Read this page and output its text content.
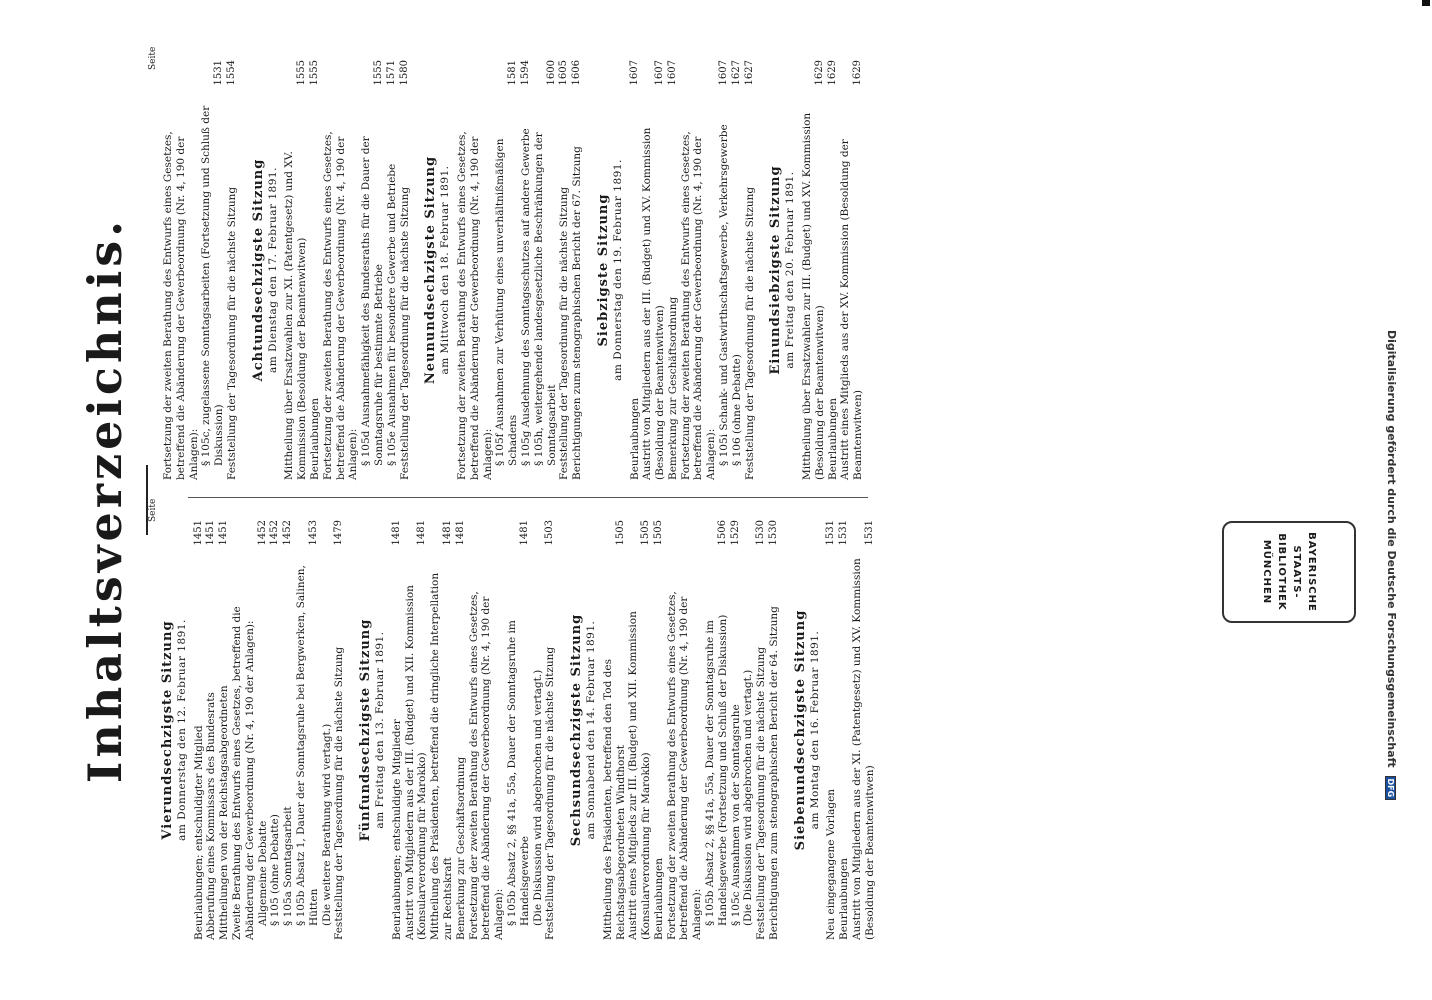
Inhaltsverzeichnis. Seite
Seite
Vierundsechzigste Sitzung am Donnerstag den 12. Februar 1891. Beurlaubungen; entschuldigter Mitglied
1451
Abberufung eines Kommissars des Bundesrats
1451
Mittheilungen von der Reichstagsabgeordneten
1451
Zweite Berathung des Entwurfs eines Gesetzes, betreffend die Abänderung der Gewerbeordnung (Nr. 4, 190 der Anlagen): Allgemeine Debatte
1452
§ 105 (ohne Debatte)
1452
§ 105a Sonntagsarbeit
1452
§ 105b Absatz 1, Dauer der Sonntagsruhe bei Bergwerken, Salinen, Hütten
1453
(Die weitere Berathung wird vertagt.) Feststellung der Tagesordnung für die nächste Sitzung
1479
Fünfundsechzigste Sitzung am Freitag den 13. Februar 1891. Beurlaubungen; entschuldigte Mitglieder
1481
Austritt von Mitgliedern aus der III. (Budget) und XII. Kommission (Konsularverordnung für Marokko)
1481
Mittheilung des Präsidenten, betreffend die dringliche Interpellation zur Rechtskraft
1481
Bemerkung zur Geschäftsordnung
1481
Fortsetzung der zweiten Berathung des Entwurfs eines Gesetzes, betreffend die Abänderung der Gewerbeordnung (Nr. 4, 190 der Anlagen): § 105b Absatz 2, §§ 41a, 55a, Dauer der Sonntagsruhe im Handelsgewerbe
1481
(Die Diskussion wird abgebrochen und vertagt.) Feststellung der Tagesordnung für die nächste Sitzung
1503
Sechsundsechzigste Sitzung am Sonnabend den 14. Februar 1891. Mittheilung des Präsidenten, betreffend den Tod des Reichstagsabgeordneten Windthorst
1505
Austritt eines Mitglieds zur III. (Budget) und XII. Kommission (Konsularverordnung für Marokko)
1505
Beurlaubungen
1505
Fortsetzung der zweiten Berathung des Entwurfs eines Gesetzes, betreffend die Abänderung der Gewerbeordnung (Nr. 4, 190 der Anlagen): § 105b Absatz 2, §§ 41a, 55a, Dauer der Sonntagsruhe im Handelsgewerbe (Fortsetzung und Schluß der Diskussion)
1506
§ 105c Ausnahmen von der Sonntagsruhe
1529
(Die Diskussion wird abgebrochen und vertagt.) Feststellung der Tagesordnung für die nächste Sitzung
1530
Berichtigungen zum stenographischen Bericht der 64. Sitzung
1530
Siebenundsechzigste Sitzung am Montag den 16. Februar 1891.
Neu eingegangene Vorlagen
1531
Beurlaubungen
1531
Austritt von Mitgliedern aus der XI. (Patentgesetz) und XV. Kommission (Besoldung der Beamtenwitwen)
1531
Fortsetzung der zweiten Berathung des Entwurfs eines Gesetzes, betreffend die Abänderung der Gewerbeordnung (Nr. 4, 190 der Anlagen): § 105c, zugelassene Sonntagsarbeiten (Fortsetzung und Schluß der Diskussion)
1531
Feststellung der Tagesordnung für die nächste Sitzung
1554
Achtundsechzigste Sitzung am Dienstag den 17. Februar 1891. Mittheilung über Ersatzwahlen zur XI. (Patentgesetz) und XV. Kommission (Besoldung der Beamtenwitwen)
1555
Beurlaubungen
1555
Fortsetzung der zweiten Berathung des Entwurfs eines Gesetzes, betreffend die Abänderung der Gewerbeordnung (Nr. 4, 190 der Anlagen): § 105d Ausnahmefähigkeit des Bundesraths für die Dauer der Sonntagsruhe für bestimmte Betriebe
1555
§ 105e Ausnahmen für besondere Gewerbe und Betriebe
1571
Feststellung der Tagesordnung für die nächste Sitzung
1580
Neunundsechzigste Sitzung am Mittwoch den 18. Februar 1891. Fortsetzung der zweiten Berathung des Entwurfs eines Gesetzes, betreffend die Abänderung der Gewerbeordnung (Nr. 4, 190 der Anlagen): § 105f Ausnahmen zur Verhütung eines unverhältnißmäßigen Schadens
1581
§ 105g Ausdehnung des Sonntagsschutzes auf andere Gewerbe
1594
§ 105h, weitergehende landesgesetzliche Beschränkungen der Sonntagsarbeit
1600
Feststellung der Tagesordnung für die nächste Sitzung
1605
Berichtigungen zum stenographischen Bericht der 67. Sitzung
1606
Siebzigste Sitzung am Donnerstag den 19. Februar 1891.
Beurlaubungen
1607
Austritt von Mitgliedern aus der III. (Budget) und XV. Kommission (Besoldung der Beamtenwitwen)
1607
Bemerkung zur Geschäftsordnung
1607
Fortsetzung der zweiten Berathung des Entwurfs eines Gesetzes, betreffend die Abänderung der Gewerbeordnung (Nr. 4, 190 der Anlagen): § 105i Schank- und Gastwirthschaftsgewerbe, Verkehrsgewerbe
1607
§ 106 (ohne Debatte)
1627
Feststellung der Tagesordnung für die nächste Sitzung
1627
Einundsiebzigste Sitzung am Freitag den 20. Februar 1891. Mittheilung über Ersatzwahlen zur III. (Budget) und XV. Kommission (Besoldung der Beamtenwitwen)
1629
Beurlaubungen
1629
Austritt eines Mitglieds aus der XV. Kommission (Besoldung der Beamtenwitwen)
1629
BAYERISCHE
STAATS-
BIBLIOTHEK
MÜNCHEN	Digitalisierung gefördert durch die Deutsche Forschungsgemeinschaft DFG
